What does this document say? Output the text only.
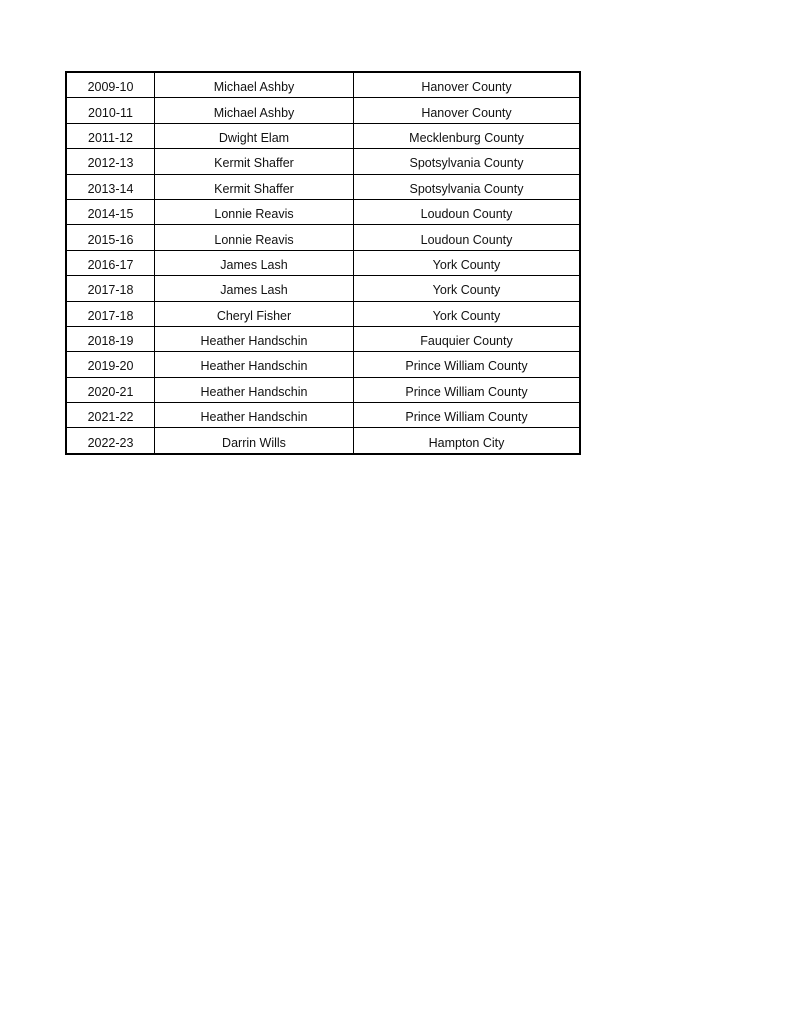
2009-10	Michael Ashby	Hanover County
2010-11	Michael Ashby	Hanover County
2011-12	Dwight Elam	Mecklenburg County
2012-13	Kermit Shaffer	Spotsylvania County
2013-14	Kermit Shaffer	Spotsylvania County
2014-15	Lonnie Reavis	Loudoun County
2015-16	Lonnie Reavis	Loudoun County
2016-17	James Lash	York County
2017-18	James Lash	York County
2017-18	Cheryl Fisher	York County
2018-19	Heather Handschin	Fauquier County
2019-20	Heather Handschin	Prince William County
2020-21	Heather Handschin	Prince William County
2021-22	Heather Handschin	Prince William County
2022-23	Darrin Wills	Hampton City
